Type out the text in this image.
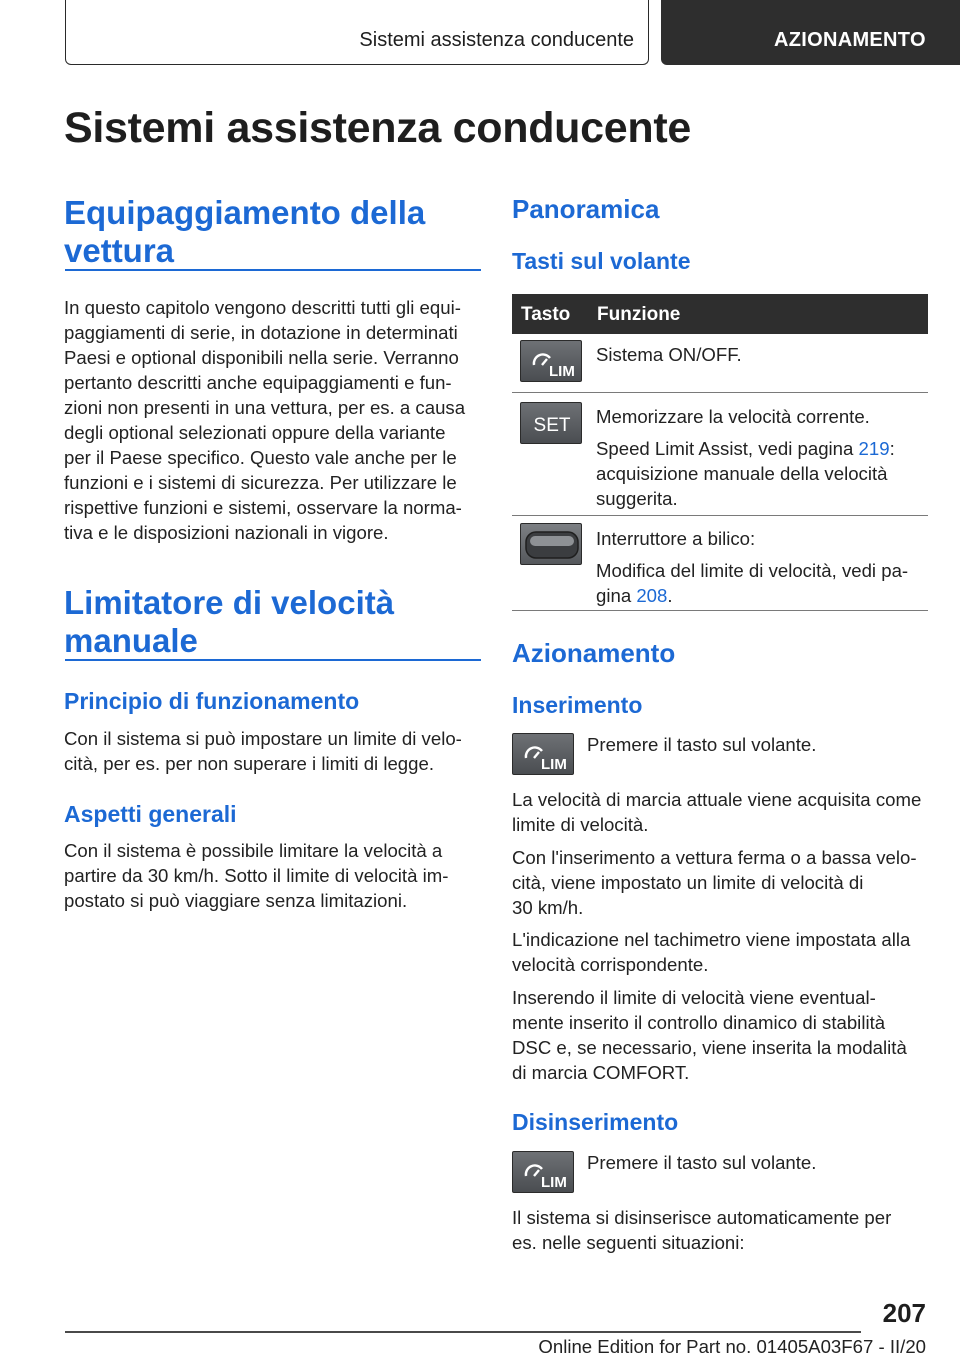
Sistemi assistenza conducente	AZIONAMENTO
Sistemi assistenza conducente
Equipaggiamento della
vettura
In questo capitolo vengono descritti tutti gli equi‐
paggiamenti di serie, in dotazione in determinati
Paesi e optional disponibili nella serie. Verranno
pertanto descritti anche equipaggiamenti e fun‐
zioni non presenti in una vettura, per es. a causa
degli optional selezionati oppure della variante
per il Paese specifico. Questo vale anche per le
funzioni e i sistemi di sicurezza. Per utilizzare le
rispettive funzioni e sistemi, osservare la norma‐
tiva e le disposizioni nazionali in vigore.
Limitatore di velocità
manuale
Principio di funzionamento
Con il sistema si può impostare un limite di velo‐
cità, per es. per non superare i limiti di legge.
Aspetti generali
Con il sistema è possibile limitare la velocità a
partire da 30 km/h. Sotto il limite di velocità im‐
postato si può viaggiare senza limitazioni.
Panoramica
Tasti sul volante
Tasto Funzione
LIM
Sistema ON/OFF.
SET Memorizzare la velocità corrente.
Speed Limit Assist, vedi pagina 219:
acquisizione manuale della velocità
suggerita.
Interruttore a bilico:
Modifica del limite di velocità, vedi pa‐
gina 208.
Azionamento
Inserimento
LIM
Premere il tasto sul volante.
La velocità di marcia attuale viene acquisita come
limite di velocità.
Con l'inserimento a vettura ferma o a bassa velo‐
cità, viene impostato un limite di velocità di
30 km/h.
L'indicazione nel tachimetro viene impostata alla
velocità corrispondente.
Inserendo il limite di velocità viene eventual‐
mente inserito il controllo dinamico di stabilità
DSC e, se necessario, viene inserita la modalità
di marcia COMFORT.
Disinserimento
LIM
Premere il tasto sul volante.
Il sistema si disinserisce automaticamente per
es. nelle seguenti situazioni:
207
Online Edition for Part no. 01405A03F67 - II/20
